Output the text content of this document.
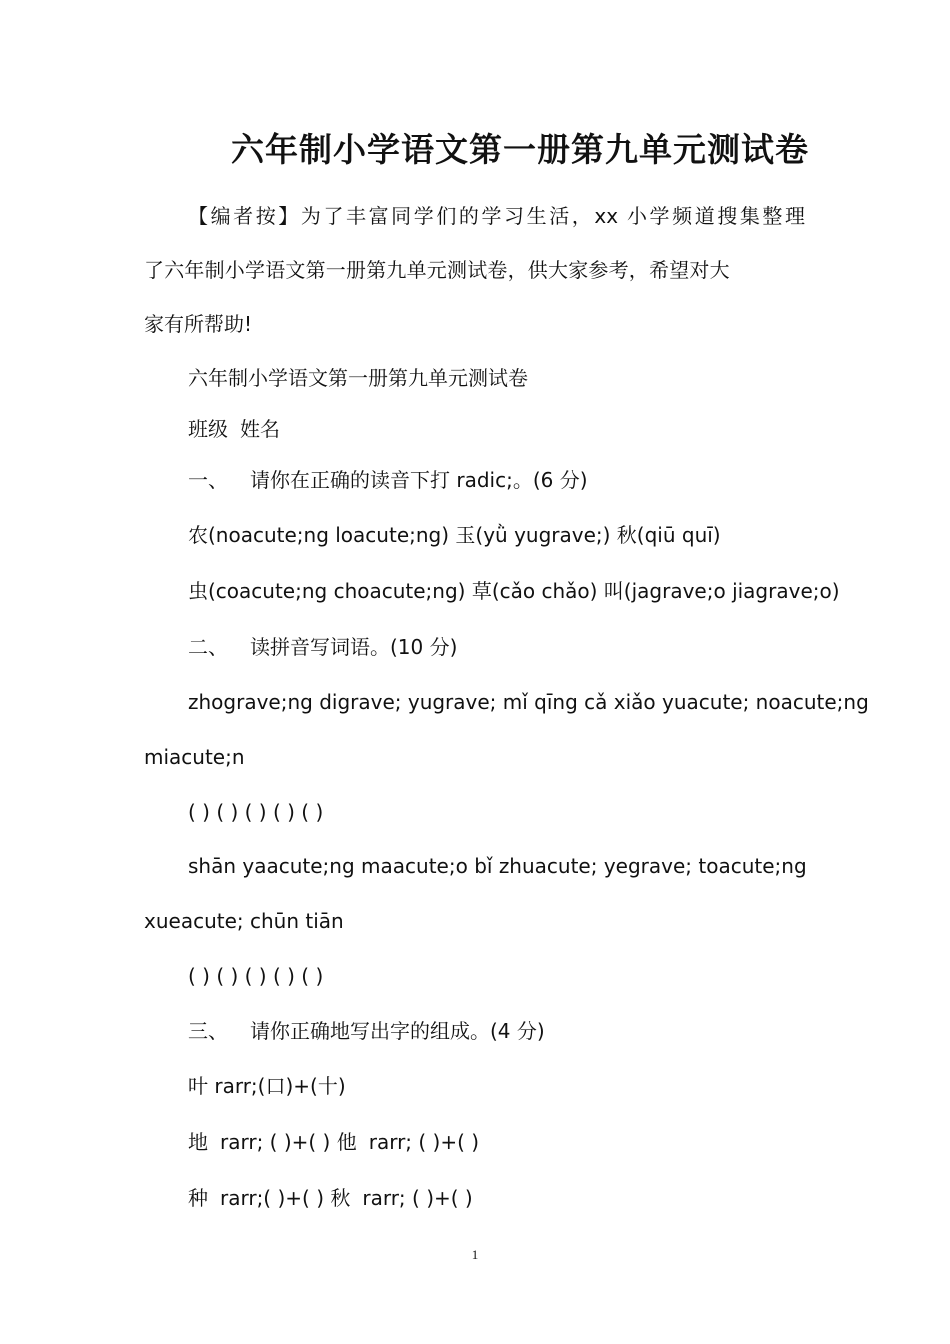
六年制小学语文第一册第九单元测试卷
【编者按】为了丰富同学们的学习生活，xx 小学频道搜集整理
了六年制小学语文第一册第九单元测试卷，供大家参考，希望对大
家有所帮助!
六年制小学语文第一册第九单元测试卷
班级 姓名
一、 请你在正确的读音下打 radic;。(6 分)
农(noacute;ng loacute;ng) 玉(yǜ yugrave;) 秋(qiū quī)
虫(coacute;ng choacute;ng) 草(cǎo chǎo) 叫(jagrave;o jiagrave;o)
二、 读拼音写词语。(10 分)
zhograve;ng digrave; yugrave; mǐ qīng cǎ xiǎo yuacute; noacute;ng
miacute;n
( ) ( ) ( ) ( ) ( )
shān yaacute;ng maacute;o bǐ zhuacute; yegrave; toacute;ng
xueacute; chūn tiān
( ) ( ) ( ) ( ) ( )
三、 请你正确地写出字的组成。(4 分)
叶 rarr;(口)+(十)
地 rarr; ( )+( ) 他 rarr; ( )+( )
种 rarr;( )+( ) 秋 rarr; ( )+( )
1
